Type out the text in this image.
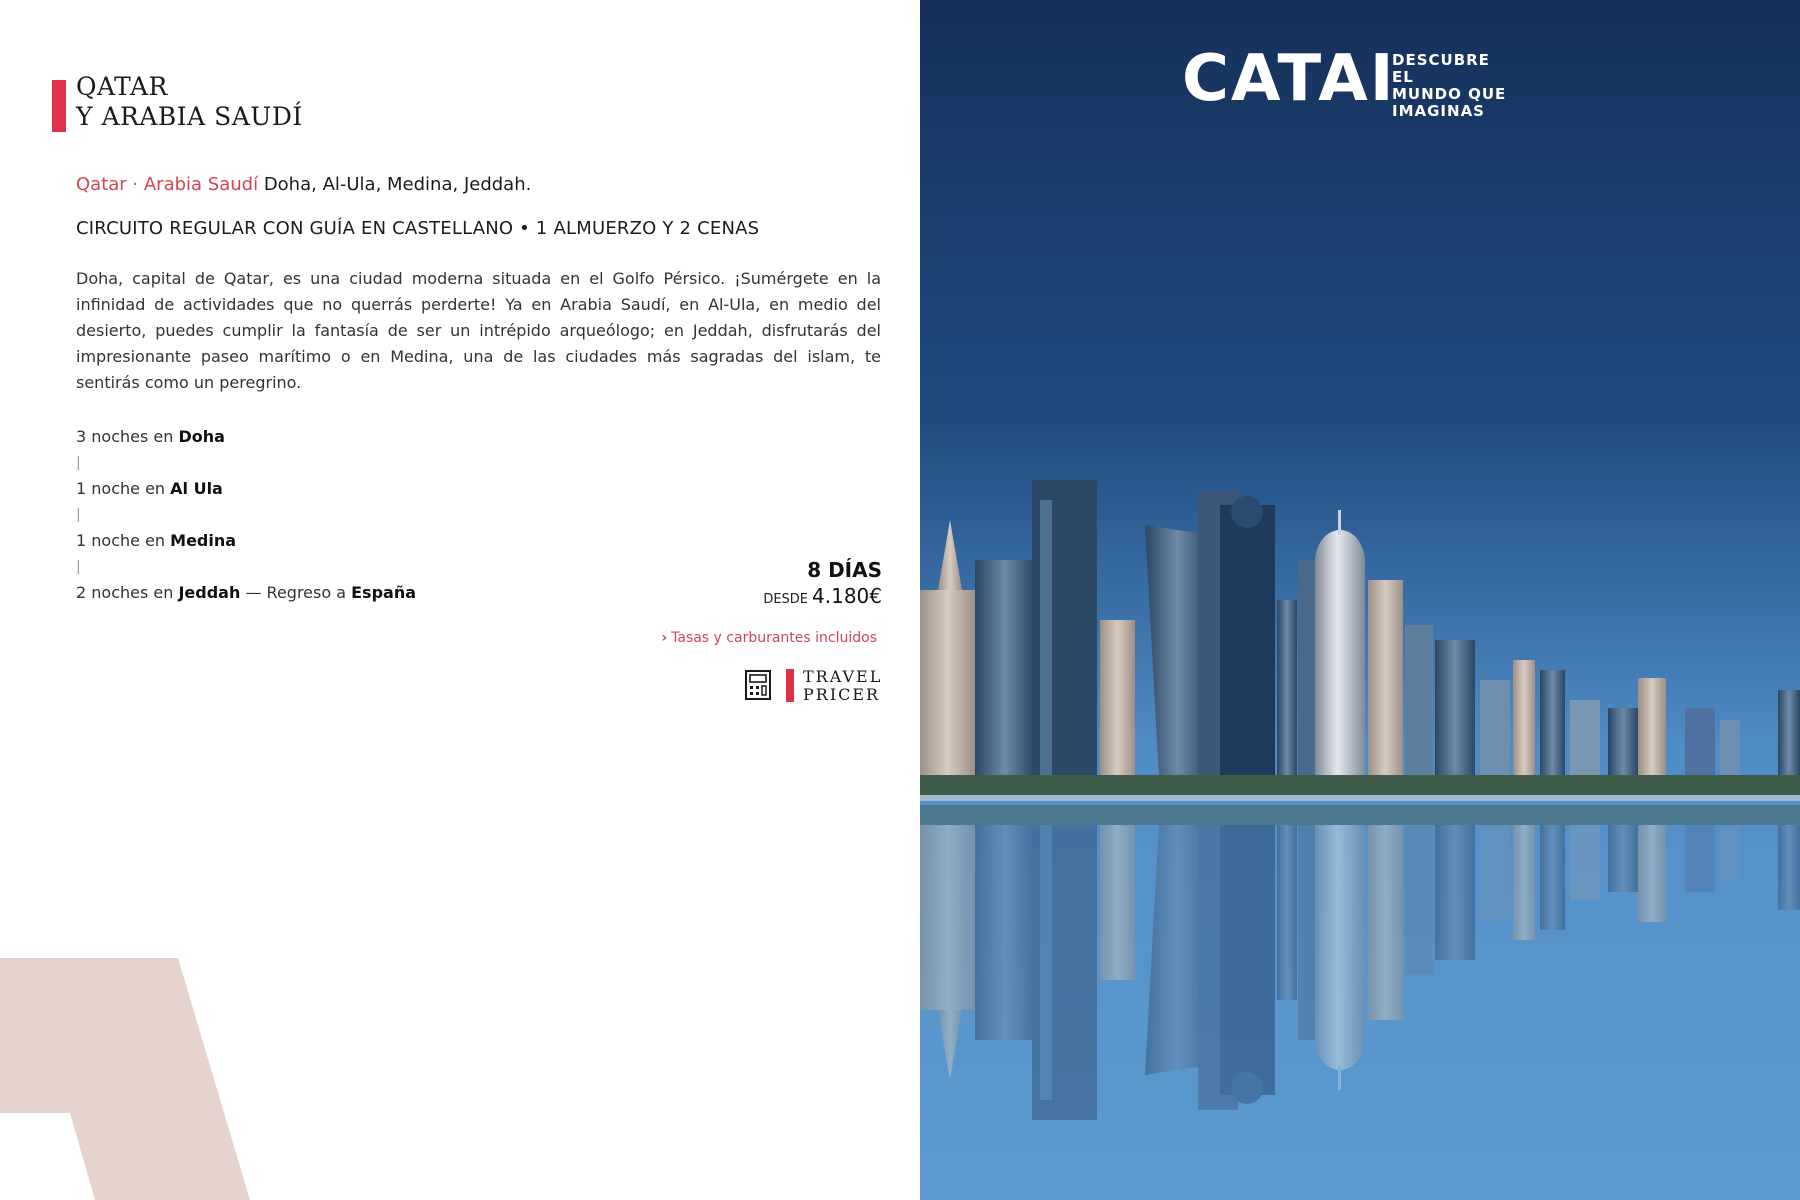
QATAR
Y ARABIA SAUDÍ
Qatar · Arabia Saudí Doha, Al-Ula, Medina, Jeddah.
CIRCUITO REGULAR CON GUÍA EN CASTELLANO • 1 ALMUERZO Y 2 CENAS
Doha, capital de Qatar, es una ciudad moderna situada en el Golfo Pérsico. ¡Sumérgete en la infinidad de actividades que no querrás perderte! Ya en Arabia Saudí, en Al-Ula, en medio del desierto, puedes cumplir la fantasía de ser un intrépido arqueólogo; en Jeddah, disfrutarás del impresionante paseo marítimo o en Medina, una de las ciudades más sagradas del islam, te sentirás como un peregrino.
3 noches en Doha
|
1 noche en Al Ula
|
1 noche en Medina
|
2 noches en Jeddah — Regreso a España
8 DÍAS
DESDE 4.180€
› Tasas y carburantes incluidos
TRAVEL
PRICER
CATAI
DESCUBRE EL
MUNDO QUE
IMAGINAS
